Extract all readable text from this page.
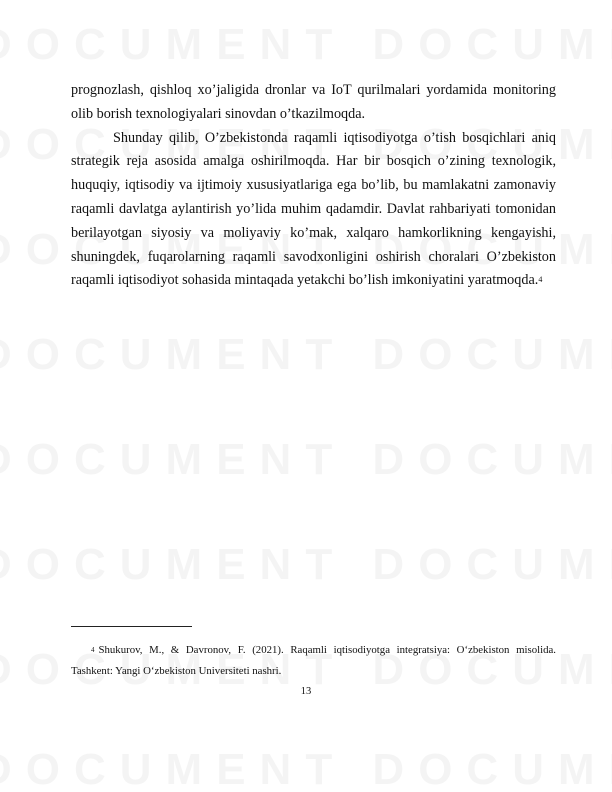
prognozlash, qishloq xo’jaligida dronlar va IoT qurilmalari yordamida monitoring olib borish texnologiyalari sinovdan o’tkazilmoqda.

Shunday qilib, O’zbekistonda raqamli iqtisodiyotga o’tish bosqichlari aniq strategik reja asosida amalga oshirilmoqda. Har bir bosqich o’zining texnologik, huquqiy, iqtisodiy va ijtimoiy xususiyatlariga ega bo’lib, bu mamlakatni zamonaviy raqamli davlatga aylantirish yo’lida muhim qadamdir. Davlat rahbariyati tomonidan berilayotgan siyosiy va moliyaviy ko’mak, xalqaro hamkorlikning kengayishi, shuningdek, fuqarolarning raqamli savodxonligini oshirish choralari O’zbekiston raqamli iqtisodiyot sohasida mintaqada yetakchi bo’lish imkoniyatini yaratmoqda.$^4$

$^4$ Shukurov, M., & Davronov, F. (2021). Raqamli iqtisodiyotga integratsiya: O‘zbekiston misolida. Tashkent: Yangi O‘zbekiston Universiteti nashri.
13
